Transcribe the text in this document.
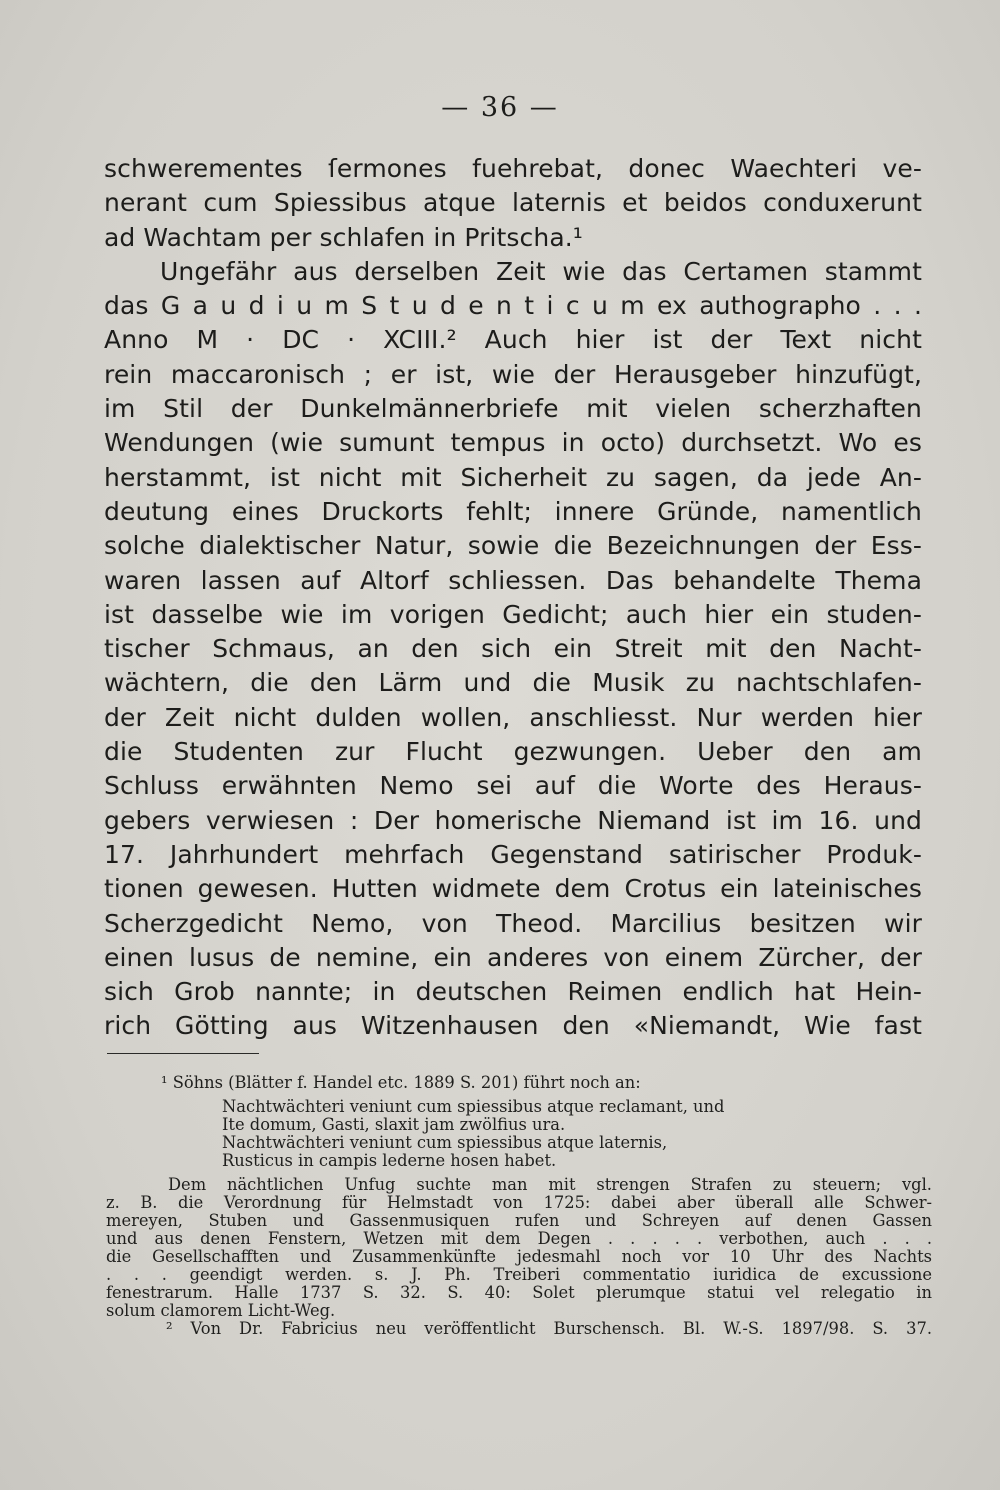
— 36 —
schwerementes ſermones fuehrebat, donec Waechteri ve-
nerant cum Spiessibus atque laternis et beidos conduxerunt
ad Wachtam per schlafen in Pritscha.¹
Ungefähr aus derselben Zeit wie das Certamen stammt
das G a u d i u m S t u d e n t i c u m ex authographo . . .
Anno M · DC · XCIII.² Auch hier ist der Text nicht
rein maccaronisch ; er ist, wie der Herausgeber hinzufügt,
im Stil der Dunkelmännerbriefe mit vielen scherzhaften
Wendungen (wie sumunt tempus in octo) durchsetzt. Wo es
herstammt, ist nicht mit Sicherheit zu sagen, da jede An-
deutung eines Druckorts fehlt; innere Gründe, namentlich
solche dialektischer Natur, sowie die Bezeichnungen der Ess-
waren lassen auf Altorf schliessen. Das behandelte Thema
ist dasselbe wie im vorigen Gedicht; auch hier ein studen-
tischer Schmaus, an den sich ein Streit mit den Nacht-
wächtern, die den Lärm und die Musik zu nachtschlafen-
der Zeit nicht dulden wollen, anschliesst. Nur werden hier
die Studenten zur Flucht gezwungen. Ueber den am
Schluss erwähnten Nemo sei auf die Worte des Heraus-
gebers verwiesen : Der homerische Niemand ist im 16. und
17. Jahrhundert mehrfach Gegenstand satirischer Produk-
tionen gewesen. Hutten widmete dem Crotus ein lateinisches
Scherzgedicht Nemo, von Theod. Marcilius besitzen wir
einen lusus de nemine, ein anderes von einem Zürcher, der
sich Grob nannte; in deutschen Reimen endlich hat Hein-
rich Götting aus Witzenhausen den «Niemandt, Wie fast
¹ Söhns (Blätter f. Handel etc. 1889 S. 201) führt noch an:
Nachtwächteri veniunt cum spiessibus atque reclamant, und
Ite domum, Gasti, slaxit jam zwölfius ura.
Nachtwächteri veniunt cum spiessibus atque laternis,
Rusticus in campis lederne hosen habet.
Dem nächtlichen Unfug suchte man mit strengen Strafen zu steuern; vgl.
z. B. die Verordnung für Helmstadt von 1725: dabei aber überall alle Schwer-
mereyen, Stuben und Gassenmusiquen rufen und Schreyen auf denen Gassen
und aus denen Fenstern, Wetzen mit dem Degen . . . . . verbothen, auch . . .
die Gesellschafften und Zusammenkünfte jedesmahl noch vor 10 Uhr des Nachts
. . . geendigt werden. s. J. Ph. Treiberi commentatio iuridica de excussione
fenestrarum. Halle 1737 S. 32. S. 40: Solet plerumque statui vel relegatio in
solum clamorem Licht-Weg.
² Von Dr. Fabricius neu veröffentlicht Burschensch. Bl. W.-S. 1897/98. S. 37.
